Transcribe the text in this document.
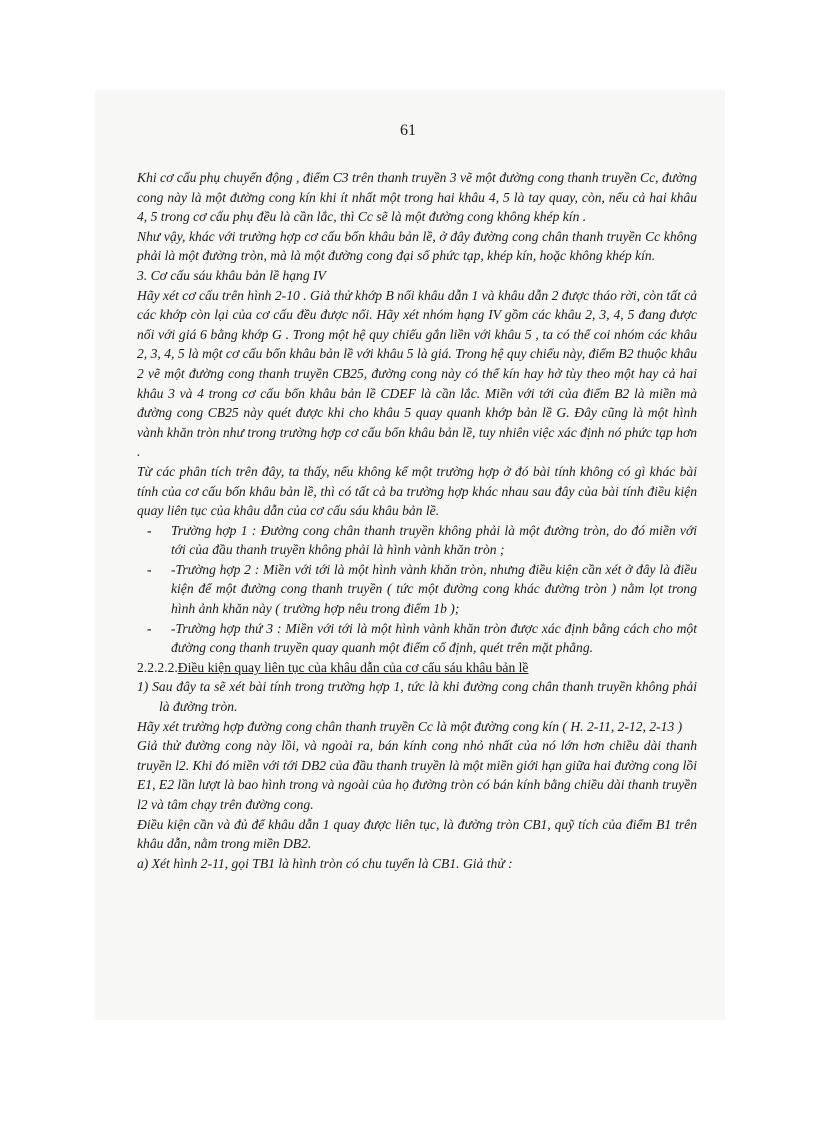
61

Khi cơ cấu phụ chuyển động , điểm C3 trên thanh truyền 3 vẽ một đường cong thanh truyền Cc, đường cong này là một đường cong kín khi ít nhất một trong hai khâu 4, 5 là tay quay, còn, nếu cả hai khâu 4, 5 trong cơ cấu phụ đều là cần lắc, thì Cc sẽ là một đường cong không khép kín .

Như vậy, khác với trường hợp cơ cấu bốn khâu bản lề, ở đây đường cong chân thanh truyền Cc không phải là một đường tròn, mà là một đường cong đại số phức tạp, khép kín, hoặc không khép kín.

3. Cơ cấu sáu khâu bản lề hạng IV

Hãy xét cơ cấu trên hình 2-10 . Giả thử khớp B nối khâu dẫn 1 và khâu dẫn 2 được tháo rời, còn tất cả các khớp còn lại của cơ cấu đều được nối. Hãy xét nhóm hạng IV gồm các khâu 2, 3, 4, 5 đang được nối với giá 6 bằng khớp G . Trong một hệ quy chiếu gắn liền với khâu 5 , ta có thể coi nhóm các khâu 2, 3, 4, 5 là một cơ cấu bốn khâu bản lề với khâu 5 là giá. Trong hệ quy chiếu này, điểm B2 thuộc khâu 2 vẽ một đường cong thanh truyền CB25, đường cong này có thể kín hay hở tùy theo một hay cả hai khâu 3 và 4 trong cơ cấu bốn khâu bản lề CDEF là cần lắc. Miền với tới của điểm B2 là miền mà đường cong CB25 này quét được khi cho khâu 5 quay quanh khớp bản lề G. Đây cũng là một hình vành khăn tròn như trong trường hợp cơ cấu bốn khâu bản lề, tuy nhiên việc xác định nó phức tạp hơn .

Từ các phân tích trên đây, ta thấy, nếu không kể một trường hợp ở đó bài tính không có gì khác bài tính của cơ cấu bốn khâu bản lề, thì có tất cả ba trường hợp khác nhau sau đây của bài tính điều kiện quay liên tục của khâu dẫn của cơ cấu sáu khâu bản lề.

- Trường hợp 1 : Đường cong chân thanh truyền không phải là một đường tròn, do đó miền với tới của đầu thanh truyền không phải là hình vành khăn tròn ;
- -Trường hợp 2 : Miền với tới là một hình vành khăn tròn, nhưng điều kiện cần xét ở đây là điều kiện để một đường cong thanh truyền ( tức một đường cong khác đường tròn ) nằm lọt trong hình ảnh khăn này ( trường hợp nêu trong điểm 1b );
- -Trường hợp thứ 3 : Miền với tới là một hình vành khăn tròn được xác định bằng cách cho một đường cong thanh truyền quay quanh một điểm cố định, quét trên mặt phẳng.

2.2.2.2.Điều kiện quay liên tục của khâu dẫn của cơ cấu sáu khâu bản lề

1) Sau đây ta sẽ xét bài tính trong trường hợp 1, tức là khi đường cong chân thanh truyền không phải là đường tròn.

Hãy xét trường hợp đường cong chân thanh truyền Cc là một đường cong kín ( H. 2-11, 2-12, 2-13 )

Giả thử đường cong này lồi, và ngoài ra, bán kính cong nhỏ nhất của nó lớn hơn chiều dài thanh truyền l2. Khi đó miền với tới DB2 của đầu thanh truyền là một miền giới hạn giữa hai đường cong lồi E1, E2 lần lượt là bao hình trong và ngoài của họ đường tròn có bán kính bằng chiều dài thanh truyền l2 và tâm chạy trên đường cong.

Điều kiện cần và đủ để khâu dẫn 1 quay được liên tục, là đường tròn CB1, quỹ tích của điểm B1 trên khâu dẫn, nằm trong miền DB2.

a) Xét hình 2-11, gọi TB1 là hình tròn có chu tuyến là CB1. Giả thử :
